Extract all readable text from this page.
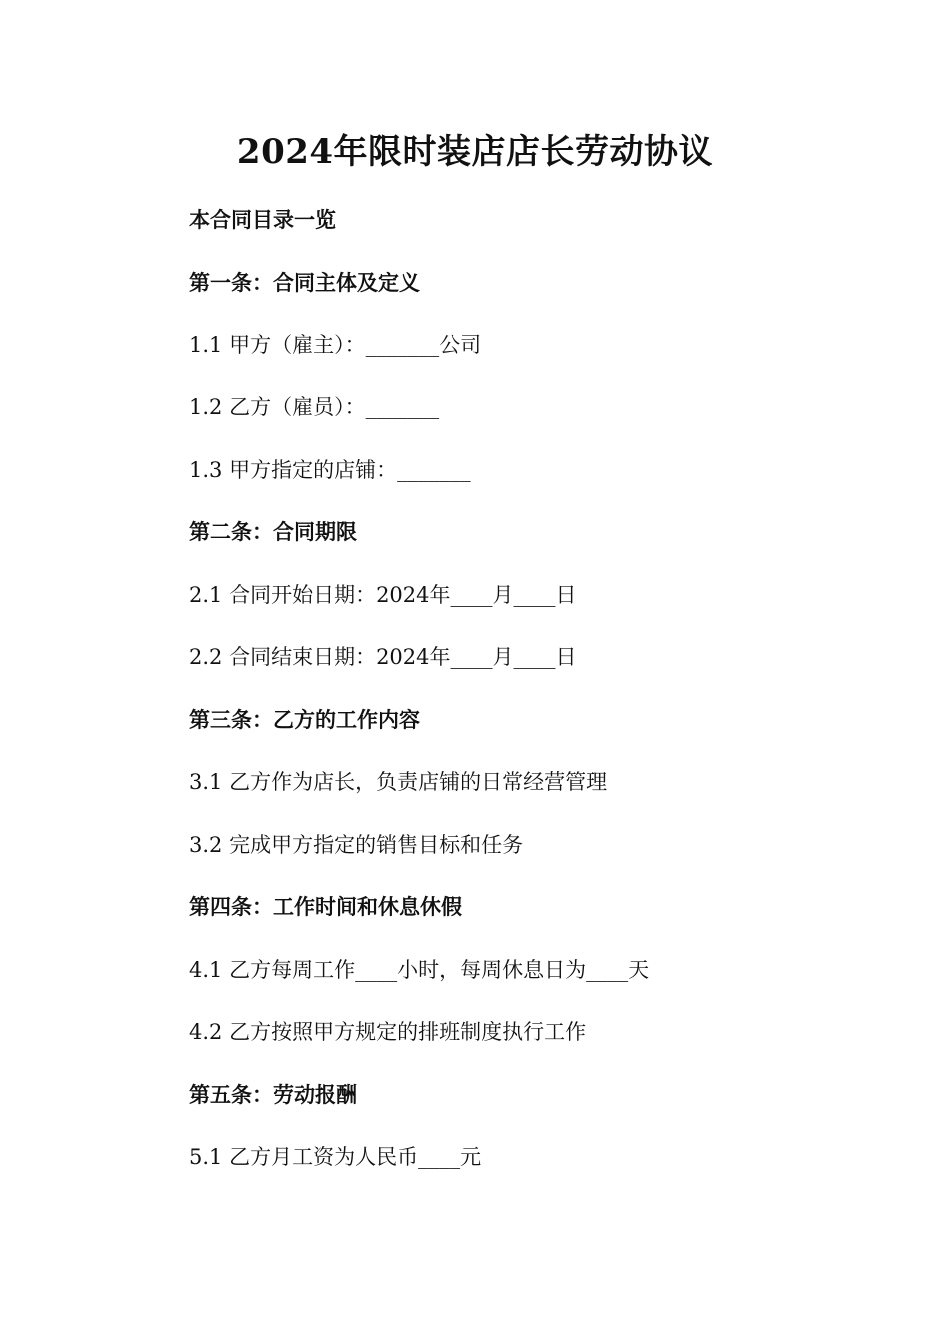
2024年限时装店店长劳动协议
本合同目录一览
第一条：合同主体及定义
1.1 甲方（雇主）：_______公司
1.2 乙方（雇员）：_______
1.3 甲方指定的店铺：_______
第二条：合同期限
2.1 合同开始日期：2024年____月____日
2.2 合同结束日期：2024年____月____日
第三条：乙方的工作内容
3.1 乙方作为店长，负责店铺的日常经营管理
3.2 完成甲方指定的销售目标和任务
第四条：工作时间和休息休假
4.1 乙方每周工作____小时，每周休息日为____天
4.2 乙方按照甲方规定的排班制度执行工作
第五条：劳动报酬
5.1 乙方月工资为人民币____元
